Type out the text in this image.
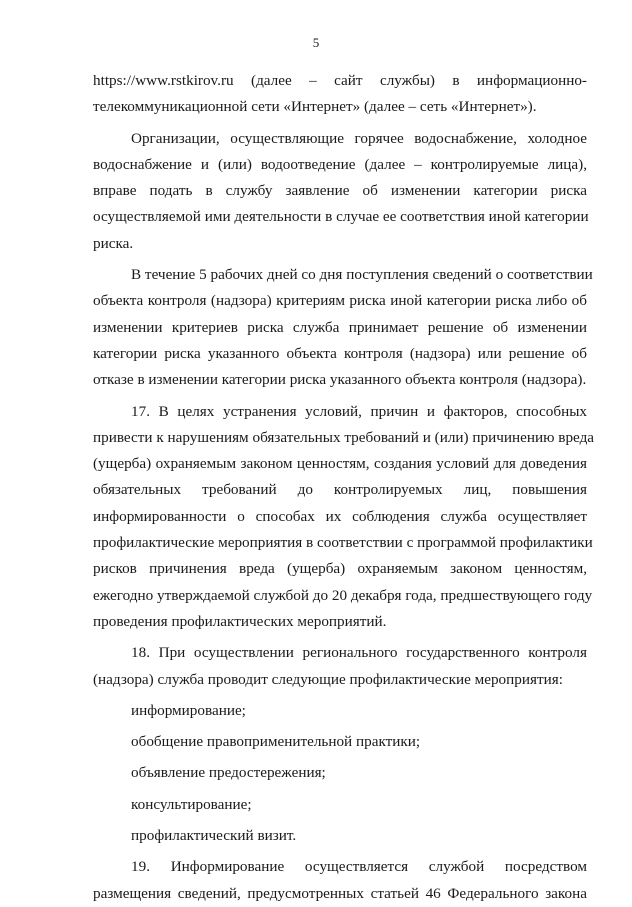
5
https://www.rstkirov.ru (далее – сайт службы) в информационно-
телекоммуникационной сети «Интернет» (далее – сеть «Интернет»).
Организации, осуществляющие горячее водоснабжение, холодное
водоснабжение и (или) водоотведение (далее – контролируемые лица),
вправе подать в службу заявление об изменении категории риска
осуществляемой ими деятельности в случае ее соответствия иной категории
риска.
В течение 5 рабочих дней со дня поступления сведений о соответствии
объекта контроля (надзора) критериям риска иной категории риска либо об
изменении критериев риска служба принимает решение об изменении
категории риска указанного объекта контроля (надзора) или решение об
отказе в изменении категории риска указанного объекта контроля (надзора).
17. В целях устранения условий, причин и факторов, способных
привести к нарушениям обязательных требований и (или) причинению вреда
(ущерба) охраняемым законом ценностям, создания условий для доведения
обязательных требований до контролируемых лиц, повышения
информированности о способах их соблюдения служба осуществляет
профилактические мероприятия в соответствии с программой профилактики
рисков причинения вреда (ущерба) охраняемым законом ценностям,
ежегодно утверждаемой службой до 20 декабря года, предшествующего году
проведения профилактических мероприятий.
18. При осуществлении регионального государственного контроля
(надзора) служба проводит следующие профилактические мероприятия:
информирование;
обобщение правоприменительной практики;
объявление предостережения;
консультирование;
профилактический визит.
19. Информирование осуществляется службой посредством
размещения сведений, предусмотренных статьей 46 Федерального закона
